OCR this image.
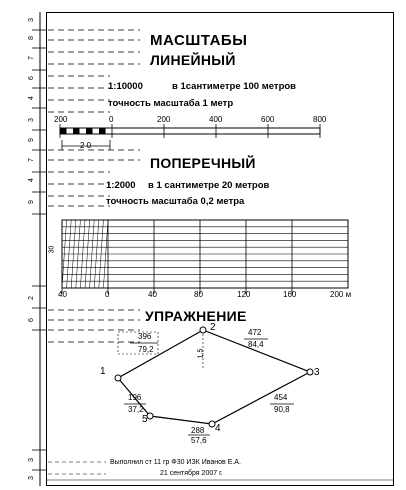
3
8
7
6
4
3
9
7
4
9
2
6
3
3
МАСШТАБЫ
ЛИНЕЙНЫЙ
1:10000	в 1сантиметре 100 метров
точность масштаба 1 метр
200	0	200	400	600	800
2 0
ПОПЕРЕЧНЫЙ
1:2000 в 1 сантиметре 20 метров
точность масштаба 0,2 метра
30
40	0	40	80	120	160	200 м
УПРАЖНЕНИЕ
2
3
4
5
1
1,5
472
84,4
454
90,8
288
57,6
196
37,2
396
79,2
Выполнил ст 11 гр Ф30 ИЗК Иванов Е.А.
21 сентября 2007 г.
